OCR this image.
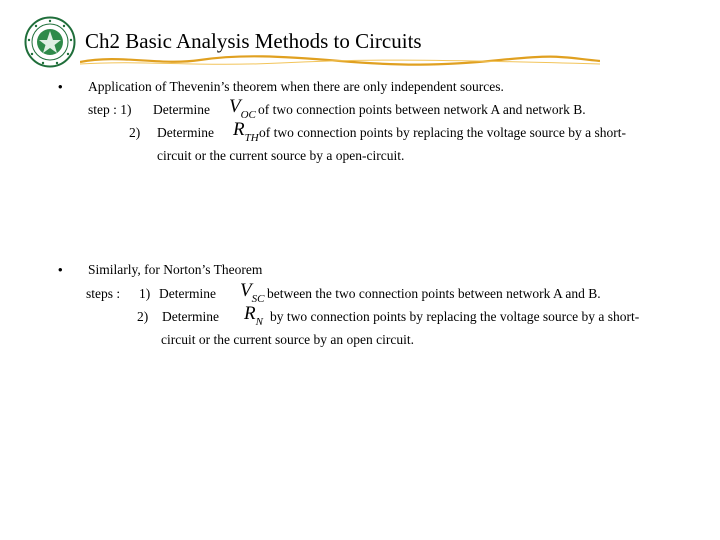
Ch2 Basic Analysis Methods to Circuits
• Application of Thevenin’s theorem when there are only independent sources.
step : 1) Determine $V_{OC}$ of two connection points between network A and network B.
2) Determine $R_{TH}$ of two connection points by replacing the voltage source by a short-
circuit or the current source by a open-circuit.
• Similarly, for Norton’s Theorem
steps : 1) Determine $V_{SC}$ between the two connection points between network A and B.
2) Determine $R_N$ by two connection points by replacing the voltage source by a short-
circuit or the current source by an open circuit.
